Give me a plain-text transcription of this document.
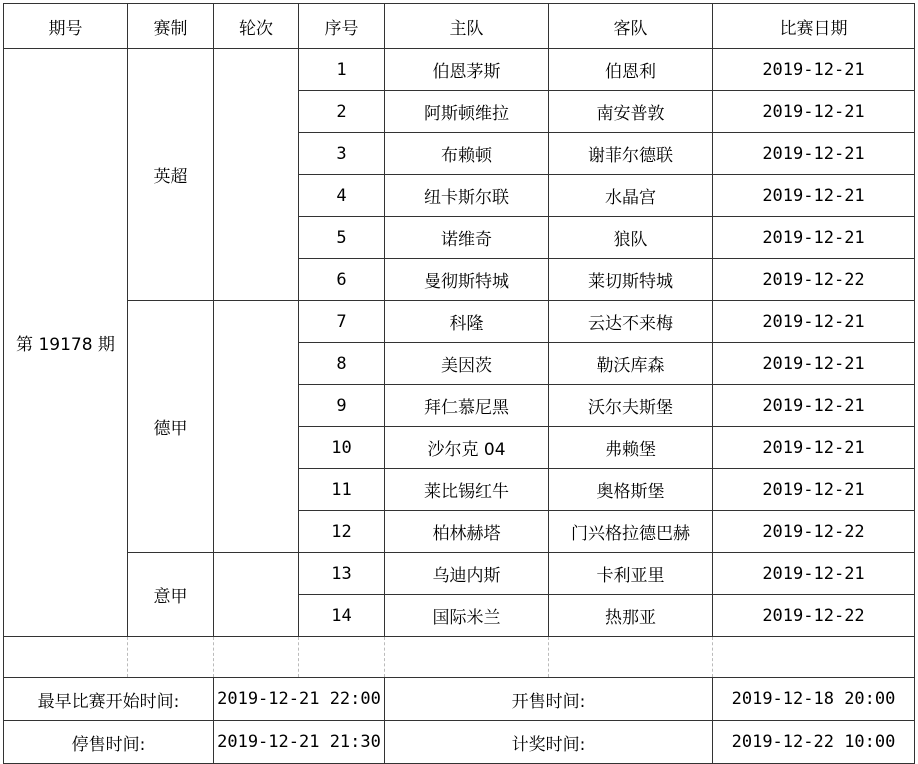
期号	赛制	轮次	序号	主队	客队	比赛日期
第 19178 期	英超		1	伯恩茅斯	伯恩利	2019-12-21
			2	阿斯顿维拉	南安普敦	2019-12-21
			3	布赖顿	谢菲尔德联	2019-12-21
			4	纽卡斯尔联	水晶宫	2019-12-21
			5	诺维奇	狼队	2019-12-21
			6	曼彻斯特城	莱切斯特城	2019-12-22
	德甲		7	科隆	云达不来梅	2019-12-21
			8	美因茨	勒沃库森	2019-12-21
			9	拜仁慕尼黑	沃尔夫斯堡	2019-12-21
			10	沙尔克 04	弗赖堡	2019-12-21
			11	莱比锡红牛	奥格斯堡	2019-12-21
			12	柏林赫塔	门兴格拉德巴赫	2019-12-22
	意甲		13	乌迪内斯	卡利亚里	2019-12-21
			14	国际米兰	热那亚	2019-12-22

最早比赛开始时间:		2019-12-21 22:00		开售时间:		2019-12-18 20:00
停售时间:		2019-12-21 21:30		计奖时间:		2019-12-22 10:00
